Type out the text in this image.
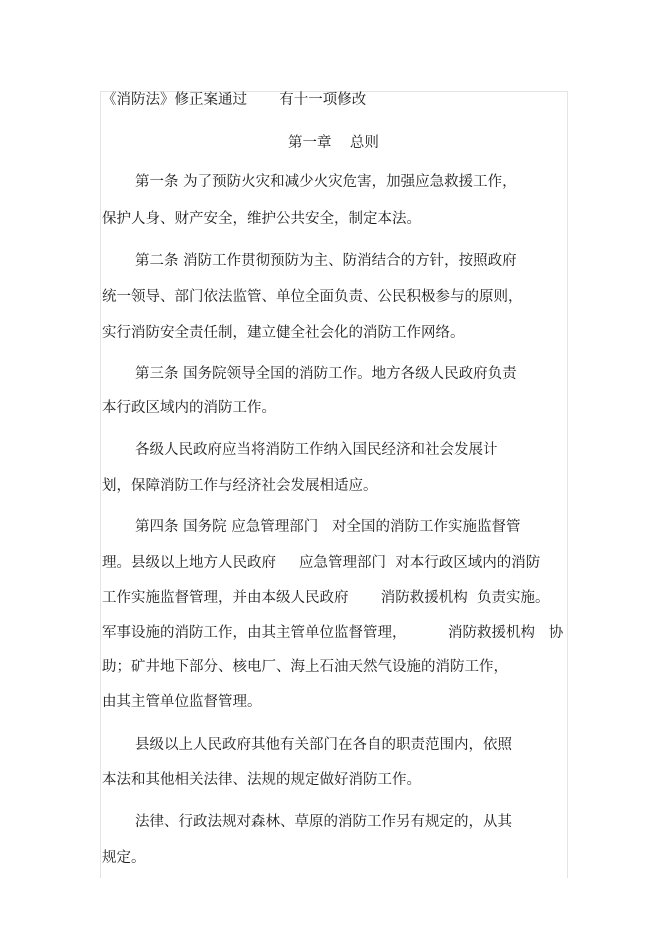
《消防法》修正案通过       有十一项修改
第一章    总则
第一条 为了预防火灾和减少火灾危害，加强应急救援工作，
保护人身、财产安全，维护公共安全，制定本法。
第二条 消防工作贯彻预防为主、防消结合的方针，按照政府
统一领导、部门依法监管、单位全面负责、公民积极参与的原则，
实行消防安全责任制，建立健全社会化的消防工作网络。
第三条 国务院领导全国的消防工作。地方各级人民政府负责
本行政区域内的消防工作。
各级人民政府应当将消防工作纳入国民经济和社会发展计
划，保障消防工作与经济社会发展相适应。
第四条 国务院 应急管理部门   对全国的消防工作实施监督管
理。县级以上地方人民政府     应急管理部门  对本行政区域内的消防
工作实施监督管理，并由本级人民政府       消防救援机构  负责实施。
军事设施的消防工作，由其主管单位监督管理，         消防救援机构   协
助；矿井地下部分、核电厂、海上石油天然气设施的消防工作，
由其主管单位监督管理。
县级以上人民政府其他有关部门在各自的职责范围内，依照
本法和其他相关法律、法规的规定做好消防工作。
法律、行政法规对森林、草原的消防工作另有规定的，从其
规定。
